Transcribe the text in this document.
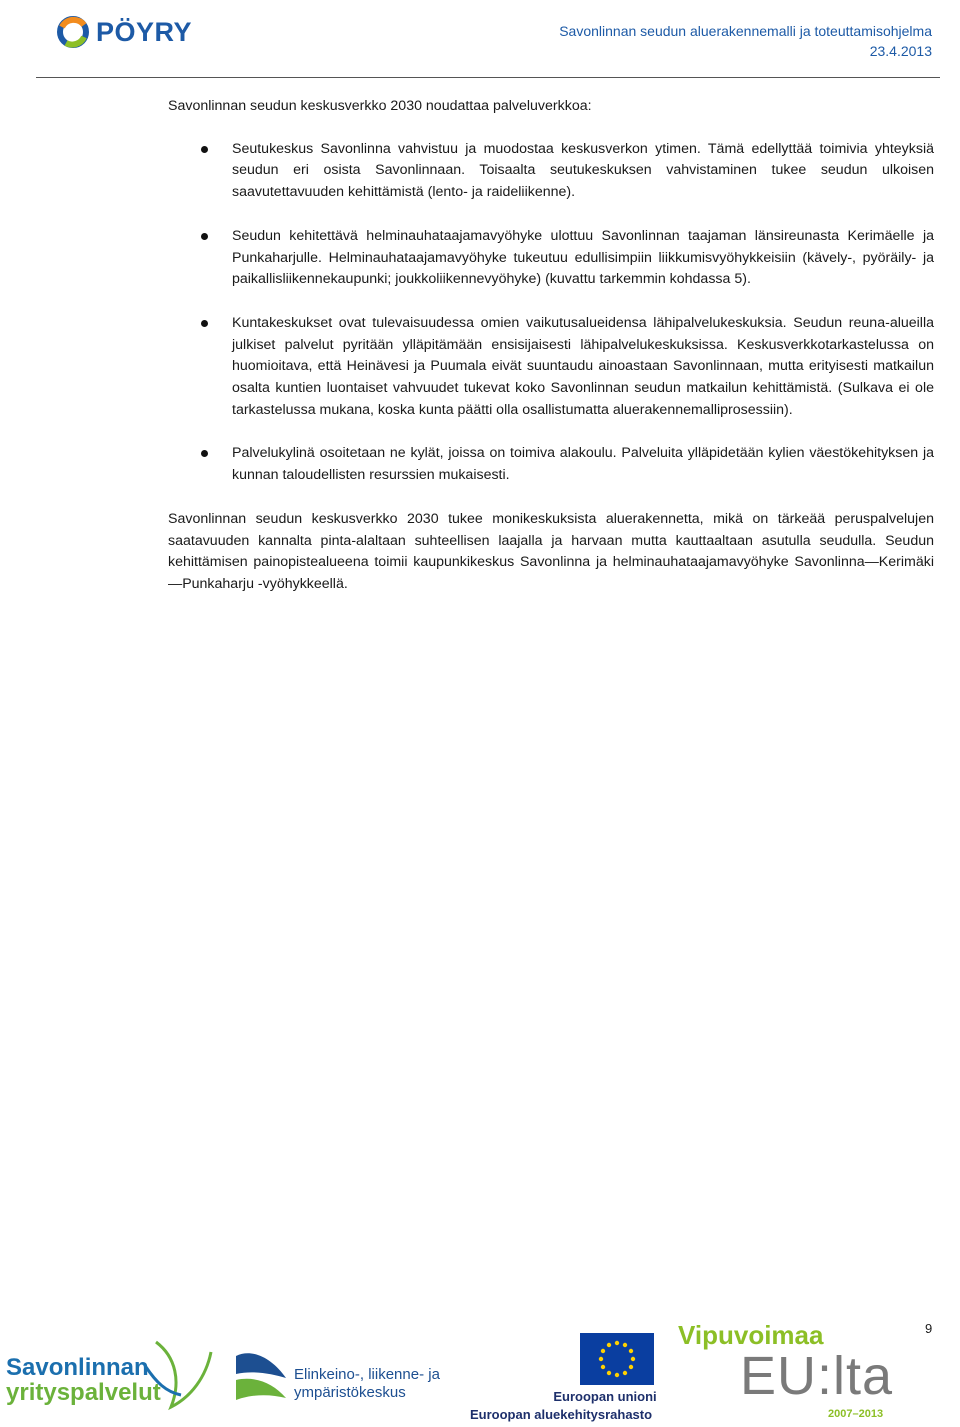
PÖYRY	Savonlinnan seudun aluerakennemalli ja toteuttamisohjelma
23.4.2013

Savonlinnan seudun keskusverkko 2030 noudattaa palveluverkkoa:

Seutukeskus Savonlinna vahvistuu ja muodostaa keskusverkon ytimen. Tämä edellyttää toimivia yhteyksiä seudun eri osista Savonlinnaan. Toisaalta seutukeskuksen vahvistaminen tukee seudun ulkoisen saavutettavuuden kehittämistä (lento- ja raideliikenne).
Seudun kehitettävä helminauhataajamavyöhyke ulottuu Savonlinnan taajaman länsireunasta Kerimäelle ja Punkaharjulle. Helminauhataajamavyöhyke tukeutuu edullisimpiin liikkumisvyöhykkeisiin (kävely-, pyöräily- ja paikallisliikennekaupunki; joukkoliikennevyöhyke) (kuvattu tarkemmin kohdassa 5).
Kuntakeskukset ovat tulevaisuudessa omien vaikutusalueidensa lähipalvelukeskuksia. Seudun reuna-alueilla julkiset palvelut pyritään ylläpitämään ensisijaisesti lähipalvelukeskuksissa. Keskusverkkotarkastelussa on huomioitava, että Heinävesi ja Puumala eivät suuntaudu ainoastaan Savonlinnaan, mutta erityisesti matkailun osalta kuntien luontaiset vahvuudet tukevat koko Savonlinnan seudun matkailun kehittämistä. (Sulkava ei ole tarkastelussa mukana, koska kunta päätti olla osallistumatta aluerakennemalliprosessiin).
Palvelukylinä osoitetaan ne kylät, joissa on toimiva alakoulu. Palveluita ylläpidetään kylien väestökehityksen ja kunnan taloudellisten resurssien mukaisesti.

Savonlinnan seudun keskusverkko 2030 tukee monikeskuksista aluerakennetta, mikä on tärkeää peruspalvelujen saatavuuden kannalta pinta-alaltaan suhteellisen laajalla ja harvaan mutta kauttaaltaan asutulla seudulla. Seudun kehittämisen painopistealueena toimii kaupunkikeskus Savonlinna ja helminauhataajamavyöhyke Savonlinna—Kerimäki—Punkaharju -vyöhykkeellä.

9
Savonlinnan
yrityspalvelut
Elinkeino-, liikenne- ja
ympäristökeskus	Euroopan unioni
Euroopan aluekehitysrahasto
Vipuvoimaa
EU:lta
2007–2013
